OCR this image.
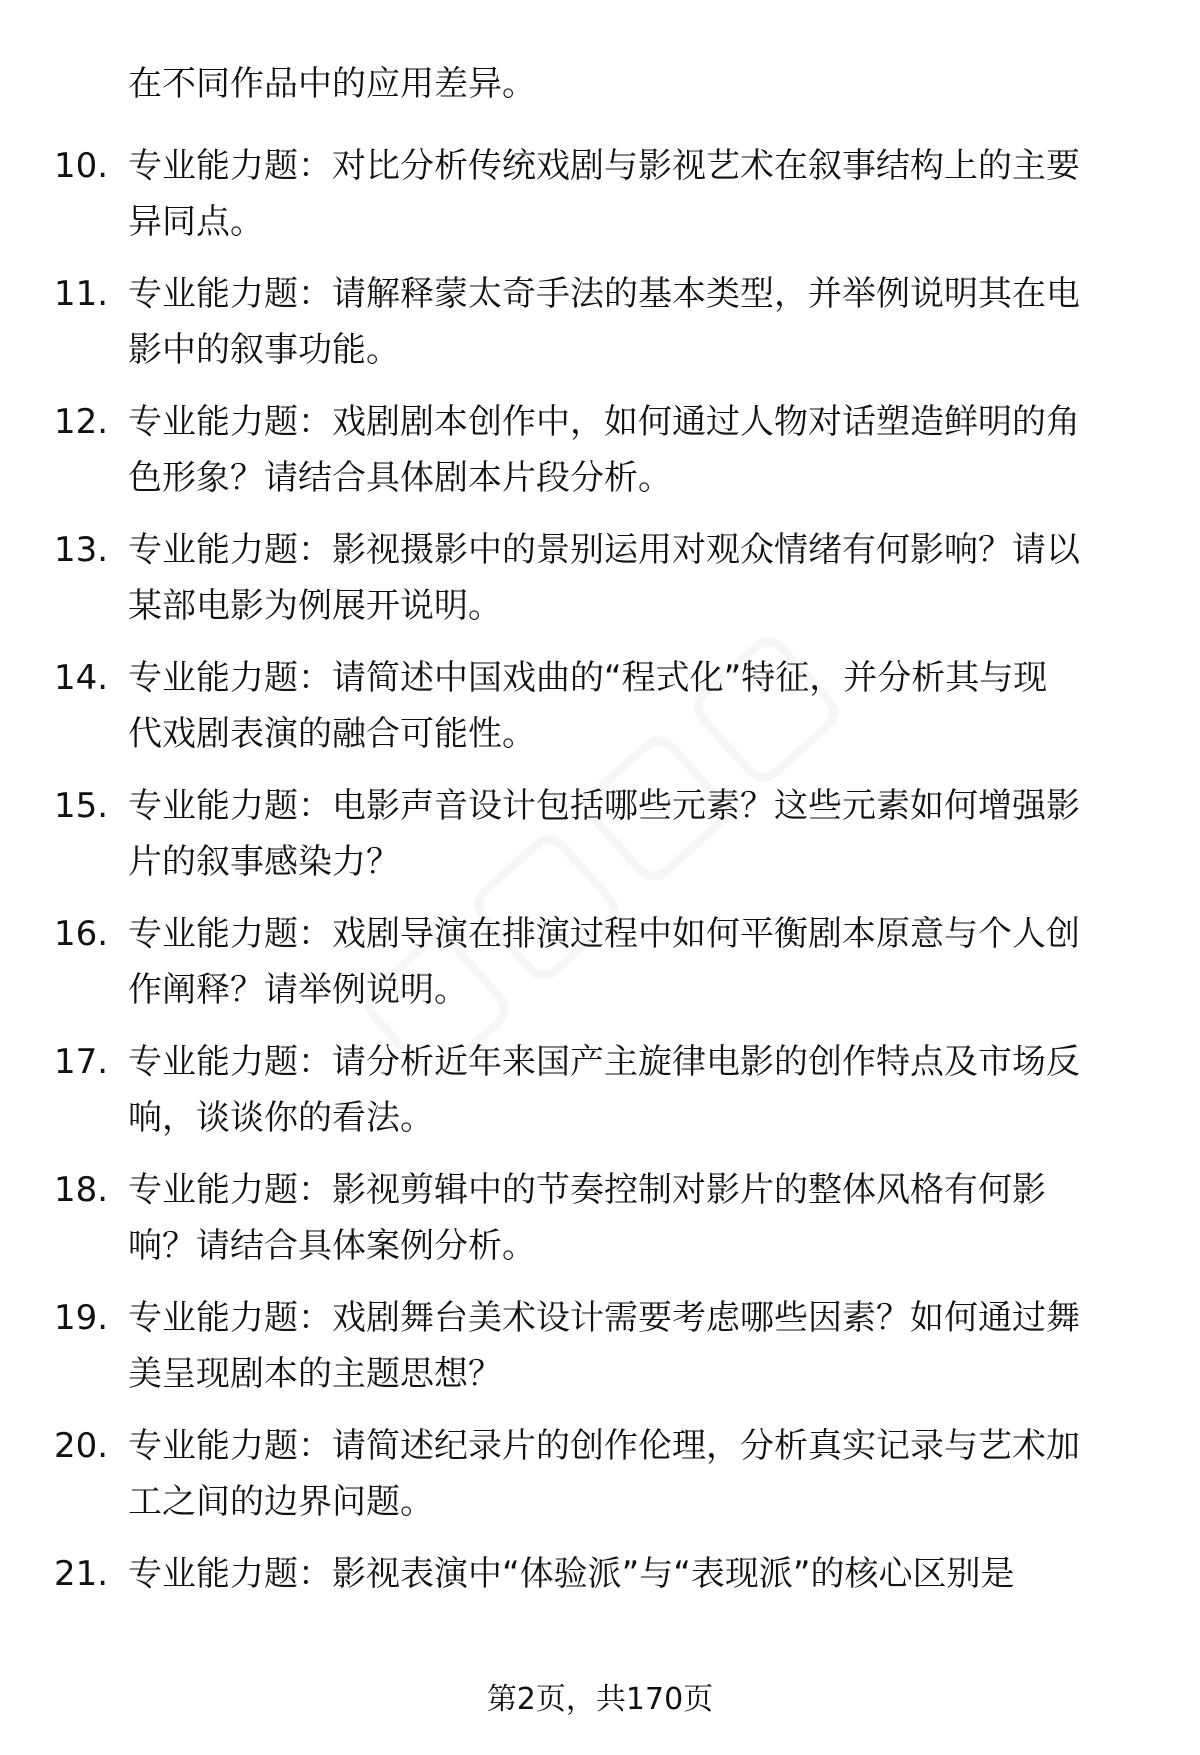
在不同作品中的应用差异。
10. 专业能力题：对比分析传统戏剧与影视艺术在叙事结构上的主要
异同点。

11. 专业能力题：请解释蒙太奇手法的基本类型，并举例说明其在电
影中的叙事功能。

12. 专业能力题：戏剧剧本创作中，如何通过人物对话塑造鲜明的角
色形象？请结合具体剧本片段分析。

13. 专业能力题：影视摄影中的景别运用对观众情绪有何影响？请以
某部电影为例展开说明。

14. 专业能力题：请简述中国戏曲的“程式化”特征，并分析其与现
代戏剧表演的融合可能性。

15. 专业能力题：电影声音设计包括哪些元素？这些元素如何增强影
片的叙事感染力？

16. 专业能力题：戏剧导演在排演过程中如何平衡剧本原意与个人创
作阐释？请举例说明。

17. 专业能力题：请分析近年来国产主旋律电影的创作特点及市场反
响，谈谈你的看法。

18. 专业能力题：影视剪辑中的节奏控制对影片的整体风格有何影
响？请结合具体案例分析。

19. 专业能力题：戏剧舞台美术设计需要考虑哪些因素？如何通过舞
美呈现剧本的主题思想？

20. 专业能力题：请简述纪录片的创作伦理，分析真实记录与艺术加
工之间的边界问题。

21. 专业能力题：影视表演中“体验派”与“表现派”的核心区别是

第2页，共170页
